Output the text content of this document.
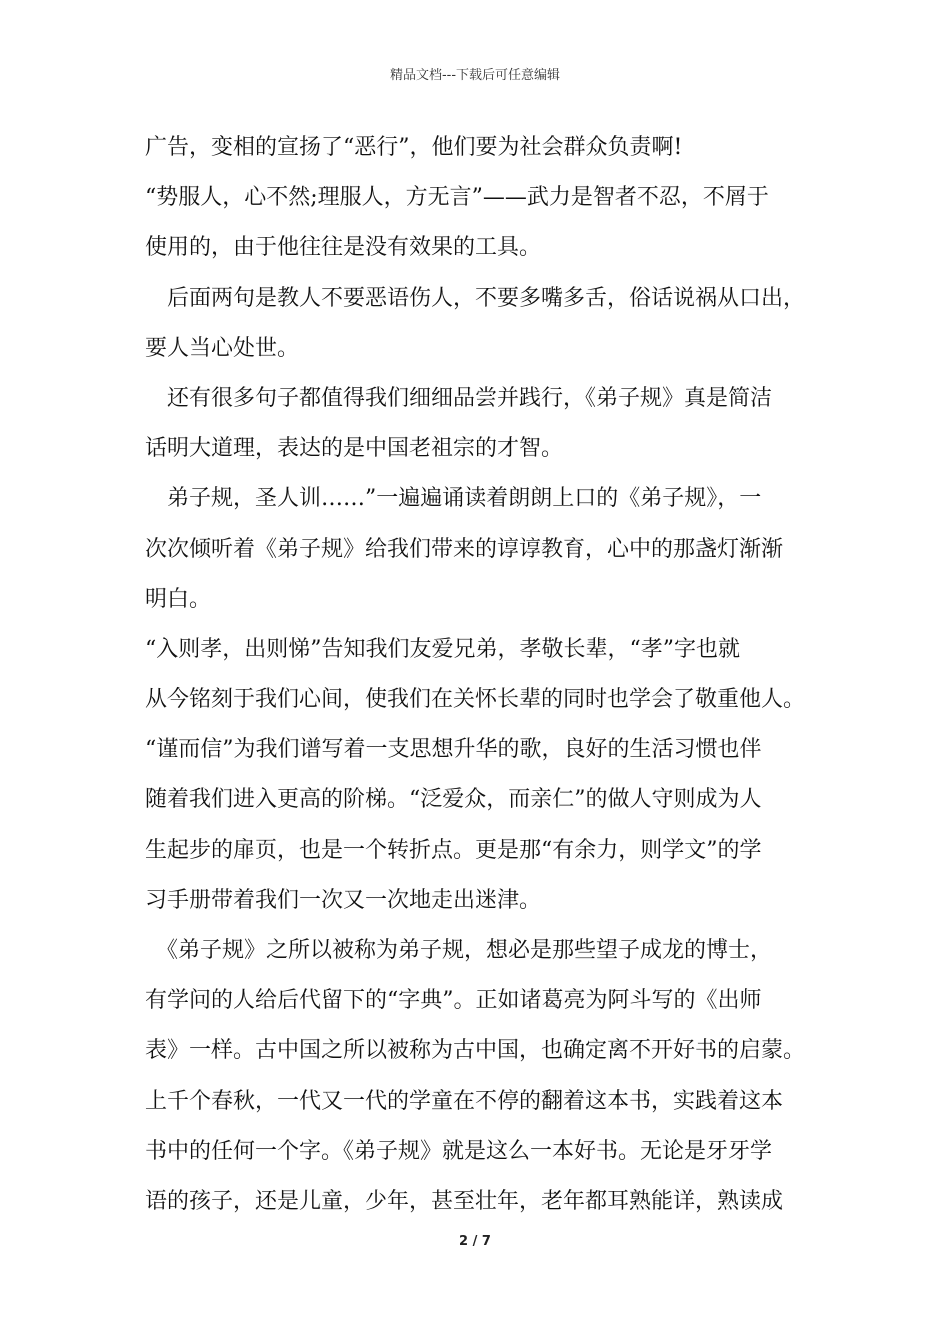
精品文档---下载后可任意编辑
广告，变相的宣扬了“恶行”，他们要为社会群众负责啊!
“势服人，心不然;理服人，方无言”——武力是智者不忍，不屑于
使用的，由于他往往是没有效果的工具。
　后面两句是教人不要恶语伤人，不要多嘴多舌，俗话说祸从口出，
要人当心处世。
　还有很多句子都值得我们细细品尝并践行，《弟子规》真是简洁
话明大道理，表达的是中国老祖宗的才智。
　弟子规，圣人训……”一遍遍诵读着朗朗上口的《弟子规》，一
次次倾听着《弟子规》给我们带来的谆谆教育，心中的那盏灯渐渐
明白。
“入则孝，出则悌”告知我们友爱兄弟，孝敬长辈，“孝”字也就
从今铭刻于我们心间，使我们在关怀长辈的同时也学会了敬重他人。
“谨而信”为我们谱写着一支思想升华的歌，良好的生活习惯也伴
随着我们进入更高的阶梯。“泛爱众，而亲仁”的做人守则成为人
生起步的扉页，也是一个转折点。更是那“有余力，则学文”的学
习手册带着我们一次又一次地走出迷津。
　《弟子规》之所以被称为弟子规，想必是那些望子成龙的博士，
有学问的人给后代留下的“字典”。正如诸葛亮为阿斗写的《出师
表》一样。古中国之所以被称为古中国，也确定离不开好书的启蒙。
上千个春秋，一代又一代的学童在不停的翻着这本书，实践着这本
书中的任何一个字。《弟子规》就是这么一本好书。无论是牙牙学
语的孩子，还是儿童，少年，甚至壮年，老年都耳熟能详，熟读成
2 / 7
